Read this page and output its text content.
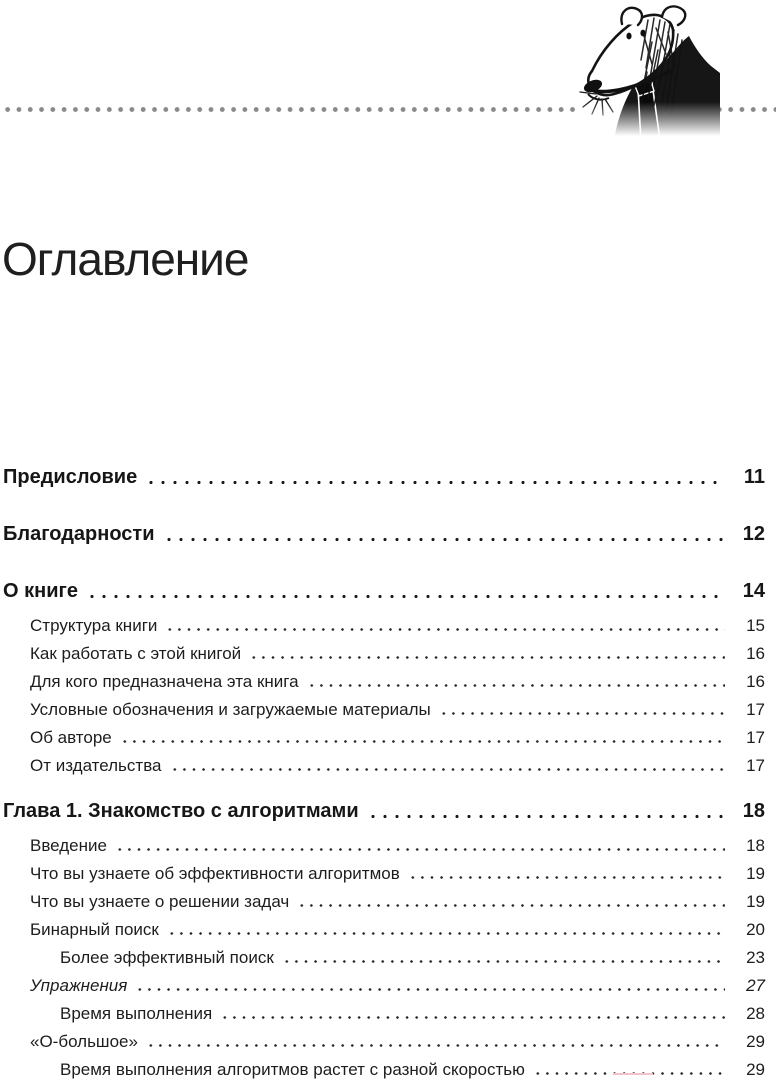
Оглавление
Предисловие	11
Благодарности	12
О книге	14
Структура книги	15
Как работать с этой книгой	16
Для кого предназначена эта книга	16
Условные обозначения и загружаемые материалы	17
Об авторе	17
От издательства	17
Глава 1. Знакомство с алгоритмами	18
Введение	18
Что вы узнаете об эффективности алгоритмов	19
Что вы узнаете о решении задач	19
Бинарный поиск	20
Более эффективный поиск	23
Упражнения	27
Время выполнения	28
«О-большое»	29
Время выполнения алгоритмов растет с разной скоростью	29
